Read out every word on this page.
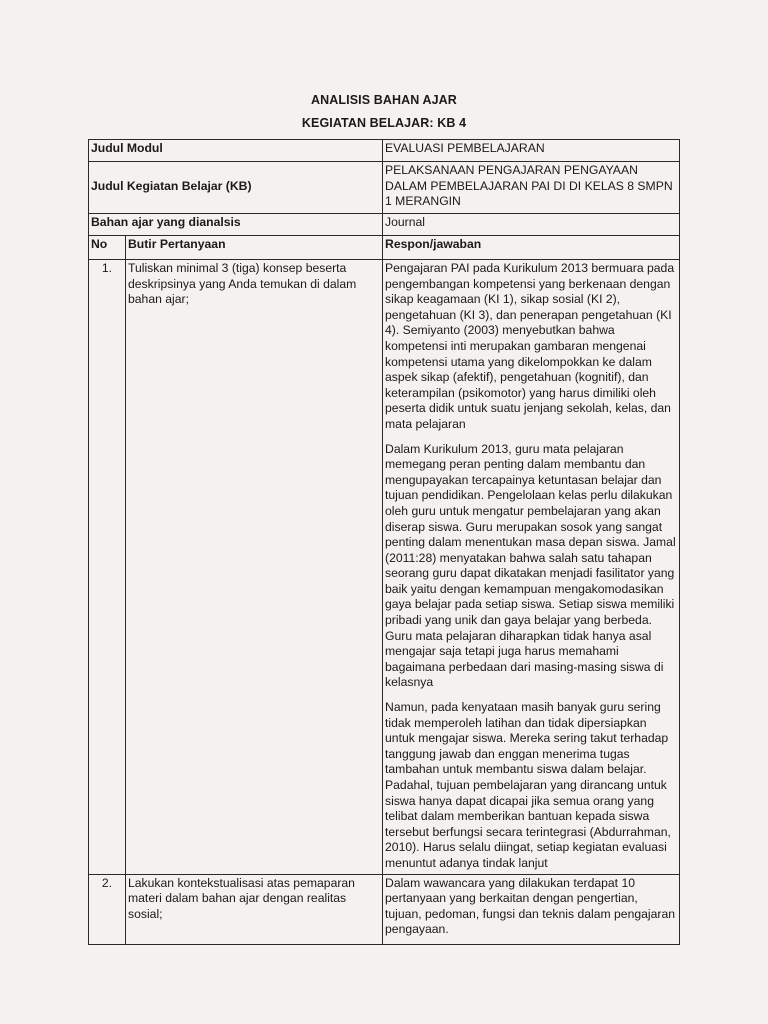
ANALISIS BAHAN AJAR
KEGIATAN BELAJAR: KB 4
Judul Modul		EVALUASI PEMBELAJARAN
Judul Kegiatan Belajar (KB)		PELAKSANAAN PENGAJARAN PENGAYAAN DALAM PEMBELAJARAN PAI DI DI KELAS 8 SMPN 1 MERANGIN
Bahan ajar yang dianalsis		Journal
No	Butir Pertanyaan	Respon/jawaban
1.	Tuliskan minimal 3 (tiga) konsep beserta deskripsinya yang Anda temukan di dalam bahan ajar;	Pengajaran PAI pada Kurikulum 2013 bermuara pada pengembangan kompetensi yang berkenaan dengan sikap keagamaan (KI 1), sikap sosial (KI 2), pengetahuan (KI 3), dan penerapan pengetahuan (KI 4). Semiyanto (2003) menyebutkan bahwa kompetensi inti merupakan gambaran mengenai kompetensi utama yang dikelompokkan ke dalam aspek sikap (afektif), pengetahuan (kognitif), dan keterampilan (psikomotor) yang harus dimiliki oleh peserta didik untuk suatu jenjang sekolah, kelas, dan mata pelajaran

Dalam Kurikulum 2013, guru mata pelajaran memegang peran penting dalam membantu dan mengupayakan tercapainya ketuntasan belajar dan tujuan pendidikan. Pengelolaan kelas perlu dilakukan oleh guru untuk mengatur pembelajaran yang akan diserap siswa. Guru merupakan sosok yang sangat penting dalam menentukan masa depan siswa. Jamal (2011:28) menyatakan bahwa salah satu tahapan seorang guru dapat dikatakan menjadi fasilitator yang baik yaitu dengan kemampuan mengakomodasikan gaya belajar pada setiap siswa. Setiap siswa memiliki pribadi yang unik dan gaya belajar yang berbeda. Guru mata pelajaran diharapkan tidak hanya asal mengajar saja tetapi juga harus memahami bagaimana perbedaan dari masing-masing siswa di kelasnya

Namun, pada kenyataan masih banyak guru sering tidak memperoleh latihan dan tidak dipersiapkan untuk mengajar siswa. Mereka sering takut terhadap tanggung jawab dan enggan menerima tugas tambahan untuk membantu siswa dalam belajar. Padahal, tujuan pembelajaran yang dirancang untuk siswa hanya dapat dicapai jika semua orang yang telibat dalam memberikan bantuan kepada siswa tersebut berfungsi secara terintegrasi (Abdurrahman, 2010). Harus selalu diingat, setiap kegiatan evaluasi menuntut adanya tindak lanjut

2.	Lakukan kontekstualisasi atas pemaparan materi dalam bahan ajar dengan realitas sosial;	Dalam wawancara yang dilakukan terdapat 10 pertanyaan yang berkaitan dengan pengertian, tujuan, pedoman, fungsi dan teknis dalam pengajaran pengayaan.
